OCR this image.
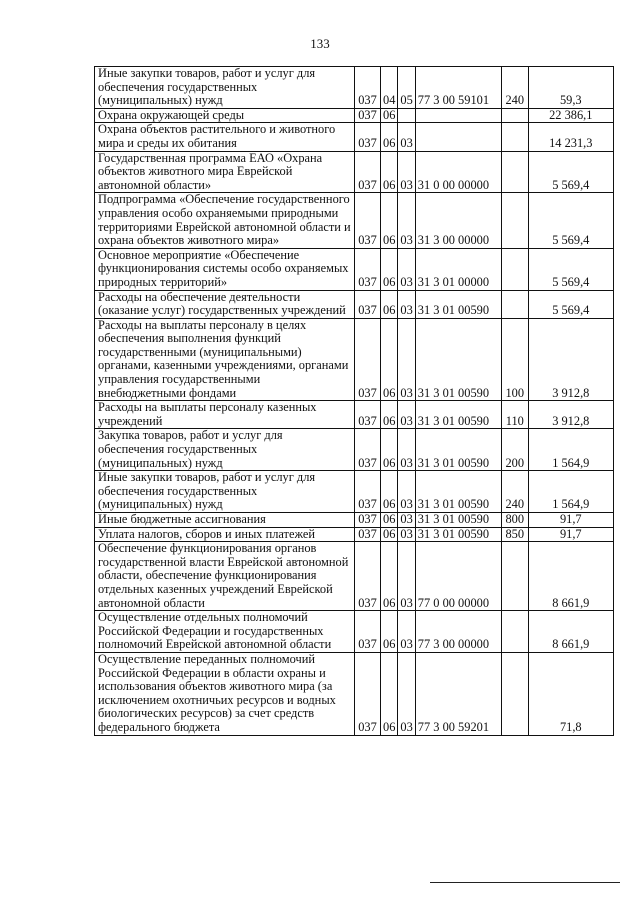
133
Иные закупки товаров, работ и услуг для обеспечения государственных (муниципальных) нужд	037	04	05	77 3 00 59101	240	59,3
Охрана окружающей среды	037	06				22 386,1
Охрана объектов растительного и животного мира и среды их обитания	037	06	03			14 231,3
Государственная программа ЕАО «Охрана объектов животного мира Еврейской автономной области»	037	06	03	31 0 00 00000		5 569,4
Подпрограмма «Обеспечение государственного управления особо охраняемыми природными территориями Еврейской автономной области и охрана объектов животного мира»	037	06	03	31 3 00 00000		5 569,4
Основное мероприятие «Обеспечение функционирования системы особо охраняемых природных территорий»	037	06	03	31 3 01 00000		5 569,4
Расходы на обеспечение деятельности (оказание услуг) государственных учреждений	037	06	03	31 3 01 00590		5 569,4
Расходы на выплаты персоналу в целях обеспечения выполнения функций государственными (муниципальными) органами, казенными учреждениями, органами управления государственными внебюджетными фондами	037	06	03	31 3 01 00590	100	3 912,8
Расходы на выплаты персоналу казенных учреждений	037	06	03	31 3 01 00590	110	3 912,8
Закупка товаров, работ и услуг для обеспечения государственных (муниципальных) нужд	037	06	03	31 3 01 00590	200	1 564,9
Иные закупки товаров, работ и услуг для обеспечения государственных (муниципальных) нужд	037	06	03	31 3 01 00590	240	1 564,9
Иные бюджетные ассигнования	037	06	03	31 3 01 00590	800	91,7
Уплата налогов, сборов и иных платежей	037	06	03	31 3 01 00590	850	91,7
Обеспечение функционирования органов государственной власти Еврейской автономной области, обеспечение функционирования отдельных казенных учреждений Еврейской автономной области	037	06	03	77 0 00 00000		8 661,9
Осуществление отдельных полномочий Российской Федерации и государственных полномочий Еврейской автономной области	037	06	03	77 3 00 00000		8 661,9
Осуществление переданных полномочий Российской Федерации в области охраны и использования объектов животного мира (за исключением охотничьих ресурсов и водных биологических ресурсов) за счет средств федерального бюджета	037	06	03	77 3 00 59201		71,8
